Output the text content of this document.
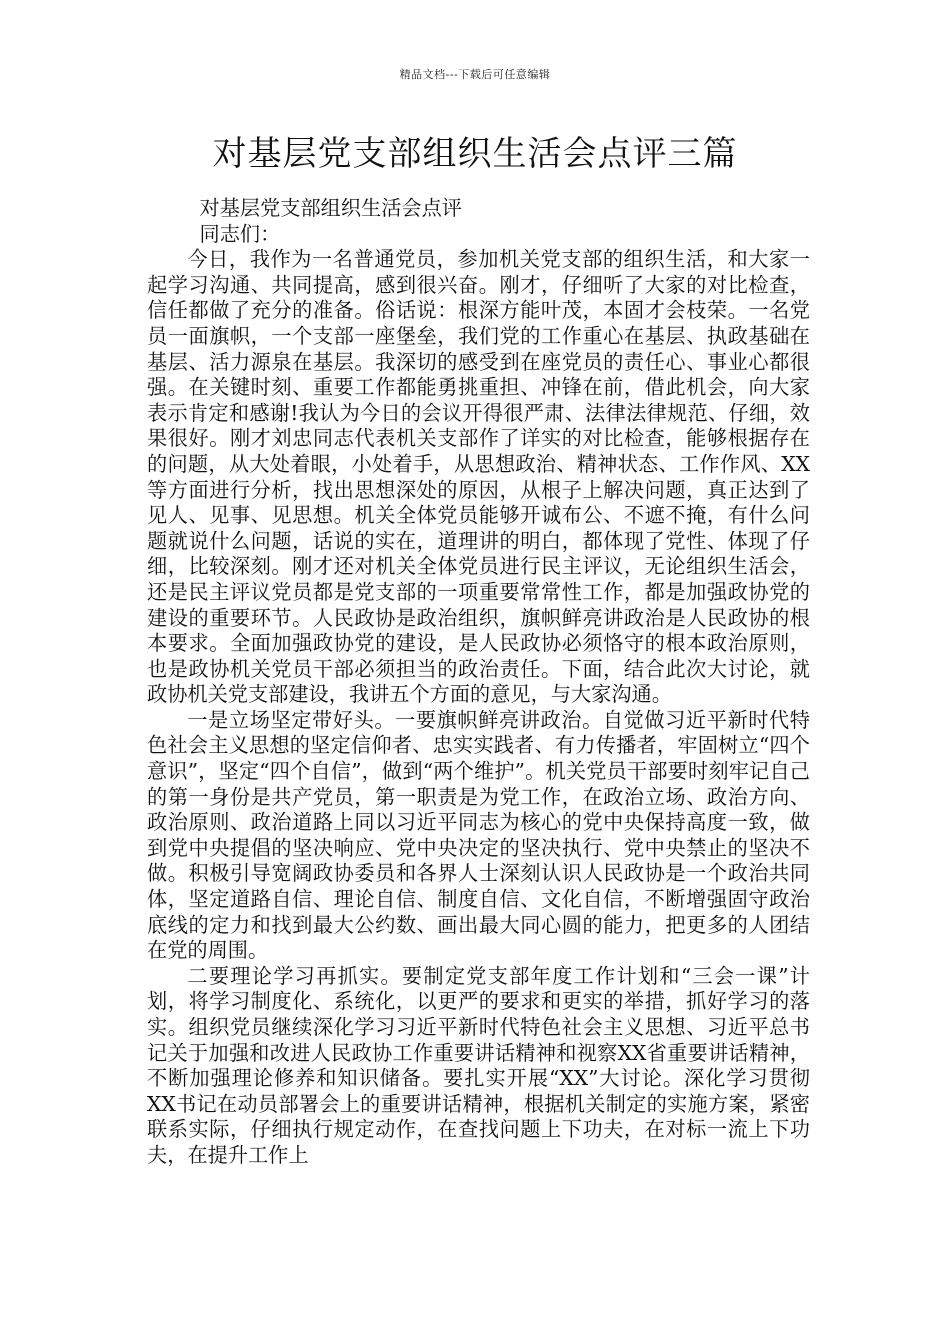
精品文档---下载后可任意编辑
对基层党支部组织生活会点评三篇

对基层党支部组织生活会点评

同志们：

今日，我作为一名普通党员，参加机关党支部的组织生活，和大家一起学习沟通、共同提高，感到很兴奋。刚才，仔细听了大家的对比检查，信任都做了充分的准备。俗话说：根深方能叶茂，本固才会枝荣。一名党员一面旗帜，一个支部一座堡垒，我们党的工作重心在基层、执政基础在基层、活力源泉在基层。我深切的感受到在座党员的责任心、事业心都很强。在关键时刻、重要工作都能勇挑重担、冲锋在前，借此机会，向大家表示肯定和感谢!我认为今日的会议开得很严肃、法律法律规范、仔细，效果很好。刚才刘忠同志代表机关支部作了详实的对比检查，能够根据存在的问题，从大处着眼，小处着手，从思想政治、精神状态、工作作风、XX等方面进行分析，找出思想深处的原因，从根子上解决问题，真正达到了见人、见事、见思想。机关全体党员能够开诚布公、不遮不掩，有什么问题就说什么问题，话说的实在，道理讲的明白，都体现了党性、体现了仔细，比较深刻。刚才还对机关全体党员进行民主评议，无论组织生活会，还是民主评议党员都是党支部的一项重要常常性工作，都是加强政协党的建设的重要环节。人民政协是政治组织，旗帜鲜亮讲政治是人民政协的根本要求。全面加强政协党的建设，是人民政协必须恪守的根本政治原则，也是政协机关党员干部必须担当的政治责任。下面，结合此次大讨论，就政协机关党支部建设，我讲五个方面的意见，与大家沟通。

一是立场坚定带好头。一要旗帜鲜亮讲政治。自觉做习近平新时代特色社会主义思想的坚定信仰者、忠实实践者、有力传播者，牢固树立“四个意识”，坚定“四个自信”，做到“两个维护”。机关党员干部要时刻牢记自己的第一身份是共产党员，第一职责是为党工作，在政治立场、政治方向、政治原则、政治道路上同以习近平同志为核心的党中央保持高度一致，做到党中央提倡的坚决响应、党中央决定的坚决执行、党中央禁止的坚决不做。积极引导宽阔政协委员和各界人士深刻认识人民政协是一个政治共同体，坚定道路自信、理论自信、制度自信、文化自信，不断增强固守政治底线的定力和找到最大公约数、画出最大同心圆的能力，把更多的人团结在党的周围。

二要理论学习再抓实。要制定党支部年度工作计划和“三会一课”计划，将学习制度化、系统化，以更严的要求和更实的举措，抓好学习的落实。组织党员继续深化学习习近平新时代特色社会主义思想、习近平总书记关于加强和改进人民政协工作重要讲话精神和视察XX省重要讲话精神，不断加强理论修养和知识储备。要扎实开展“XX”大讨论。深化学习贯彻XX书记在动员部署会上的重要讲话精神，根据机关制定的实施方案，紧密联系实际，仔细执行规定动作，在查找问题上下功夫，在对标一流上下功夫，在提升工作上
